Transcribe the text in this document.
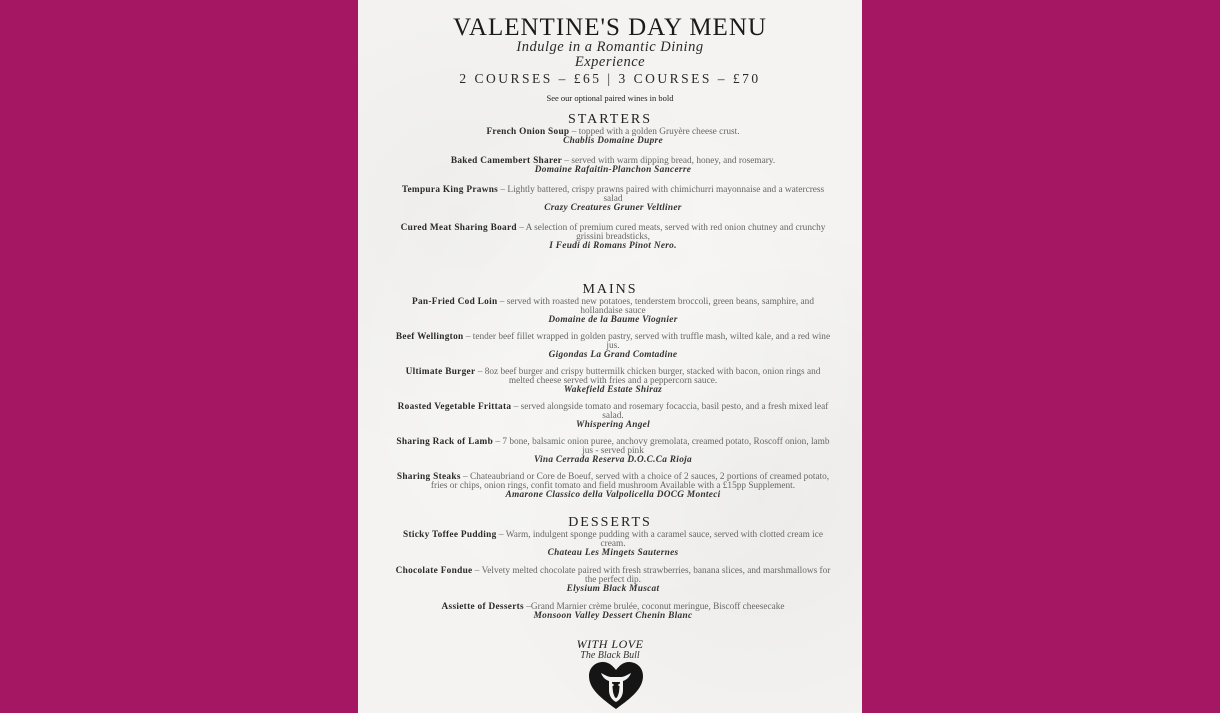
VALENTINE'S DAY MENU
Indulge in a Romantic Dining
Experience
2 COURSES – £65 | 3 COURSES – £70
See our optional paired wines in bold
STARTERS
French Onion Soup – topped with a golden Gruyère cheese crust.
Chablis Domaine Dupre
Baked Camembert Sharer – served with warm dipping bread, honey, and rosemary.
Domaine Rafaitin-Planchon Sancerre
Tempura King Prawns – Lightly battered, crispy prawns paired with chimichurri mayonnaise and a watercress salad
Crazy Creatures Gruner Veltliner
Cured Meat Sharing Board – A selection of premium cured meats, served with red onion chutney and crunchy grissini breadsticks,
I Feudi di Romans Pinot Nero.
MAINS
Pan-Fried Cod Loin – served with roasted new potatoes, tenderstem broccoli, green beans, samphire, and hollandaise sauce
Domaine de la Baume Viognier
Beef Wellington – tender beef fillet wrapped in golden pastry, served with truffle mash, wilted kale, and a red wine jus.
Gigondas La Grand Comtadine
Ultimate Burger – 8oz beef burger and crispy buttermilk chicken burger, stacked with bacon, onion rings and melted cheese served with fries and a peppercorn sauce.
Wakefield Estate Shiraz
Roasted Vegetable Frittata – served alongside tomato and rosemary focaccia, basil pesto, and a fresh mixed leaf salad.
Whispering Angel
Sharing Rack of Lamb – 7 bone, balsamic onion puree, anchovy gremolata, creamed potato, Roscoff onion, lamb jus - served pink
Vina Cerrada Reserva D.O.C.Ca Rioja
Sharing Steaks – Chateaubriand or Core de Boeuf, served with a choice of 2 sauces, 2 portions of creamed potato, fries or chips, onion rings, confit tomato and field mushroom Available with a £15pp Supplement.
Amarone Classico della Valpolicella DOCG Monteci
DESSERTS
Sticky Toffee Pudding – Warm, indulgent sponge pudding with a caramel sauce, served with clotted cream ice cream.
Chateau Les Mingets Sauternes
Chocolate Fondue – Velvety melted chocolate paired with fresh strawberries, banana slices, and marshmallows for the perfect dip.
Elysium Black Muscat
Assiette of Desserts –Grand Marnier crème brulée, coconut meringue, Biscoff cheesecake
Monsoon Valley Dessert Chenin Blanc
WITH LOVE
The Black Bull
